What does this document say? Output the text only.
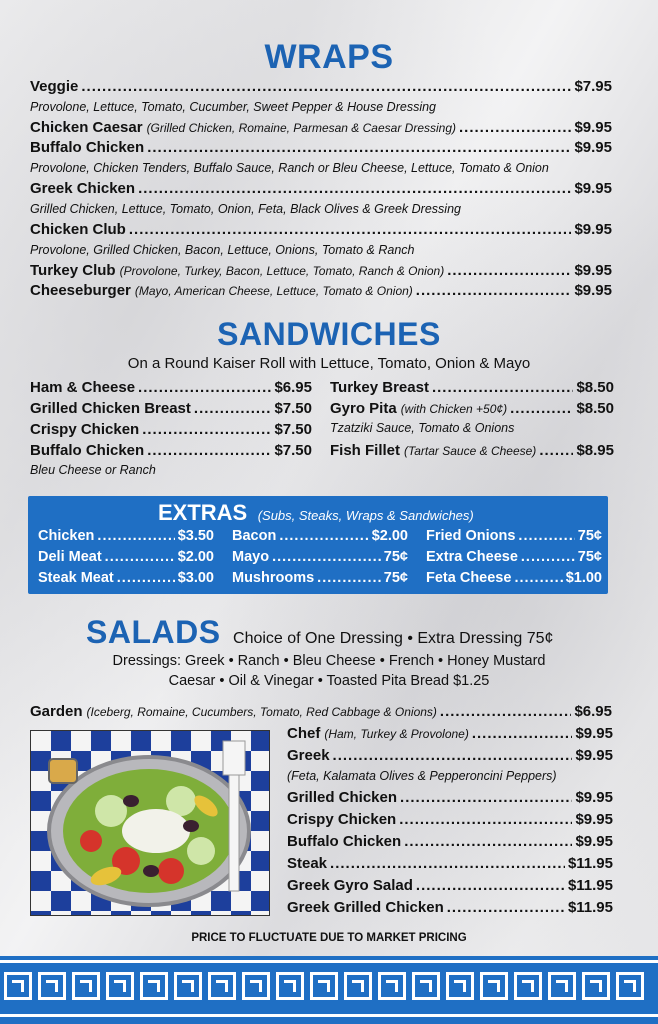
WRAPS
Veggie .....	$7.95
Provolone, Lettuce, Tomato, Cucumber, Sweet Pepper & House Dressing
Chicken Caesar (Grilled Chicken, Romaine, Parmesan & Caesar Dressing) .....	$9.95
Buffalo Chicken .....	$9.95
Provolone, Chicken Tenders, Buffalo Sauce, Ranch or Bleu Cheese, Lettuce, Tomato & Onion
Greek Chicken .....	$9.95
Grilled Chicken, Lettuce, Tomato, Onion, Feta, Black Olives & Greek Dressing
Chicken Club .....	$9.95
Provolone, Grilled Chicken, Bacon, Lettuce, Onions, Tomato & Ranch
Turkey Club (Provolone, Turkey, Bacon, Lettuce, Tomato, Ranch & Onion) .....	$9.95
Cheeseburger (Mayo, American Cheese, Lettuce, Tomato & Onion) .....	$9.95
SANDWICHES
On a Round Kaiser Roll with Lettuce, Tomato, Onion & Mayo
Ham & Cheese .....	$6.95
Grilled Chicken Breast .....	$7.50
Crispy Chicken .....	$7.50
Buffalo Chicken .....	$7.50
Bleu Cheese or Ranch
Turkey Breast .....	$8.50
Gyro Pita (with Chicken +50¢) .....	$8.50
Tzatziki Sauce, Tomato & Onions
Fish Fillet (Tartar Sauce & Cheese) .....	$8.95
EXTRAS (Subs, Steaks, Wraps & Sandwiches)
Chicken .....	$3.50
Deli Meat .....	$2.00
Steak Meat .....	$3.00
Bacon .....	$2.00
Mayo .....	75¢
Mushrooms .....	75¢
Fried Onions .....	75¢
Extra Cheese .....	75¢
Feta Cheese .....	$1.00
SALADS Choice of One Dressing • Extra Dressing 75¢
Dressings: Greek • Ranch • Bleu Cheese • French • Honey Mustard
Caesar • Oil & Vinegar • Toasted Pita Bread $1.25
Garden (Iceberg, Romaine, Cucumbers, Tomato, Red Cabbage & Onions) .....	$6.95
Chef (Ham, Turkey & Provolone) .....	$9.95
Greek .....	$9.95
(Feta, Kalamata Olives & Pepperoncini Peppers)
Grilled Chicken .....	$9.95
Crispy Chicken .....	$9.95
Buffalo Chicken .....	$9.95
Steak .....	$11.95
Greek Gyro Salad .....	$11.95
Greek Grilled Chicken .....	$11.95
PRICE TO FLUCTUATE DUE TO MARKET PRICING
